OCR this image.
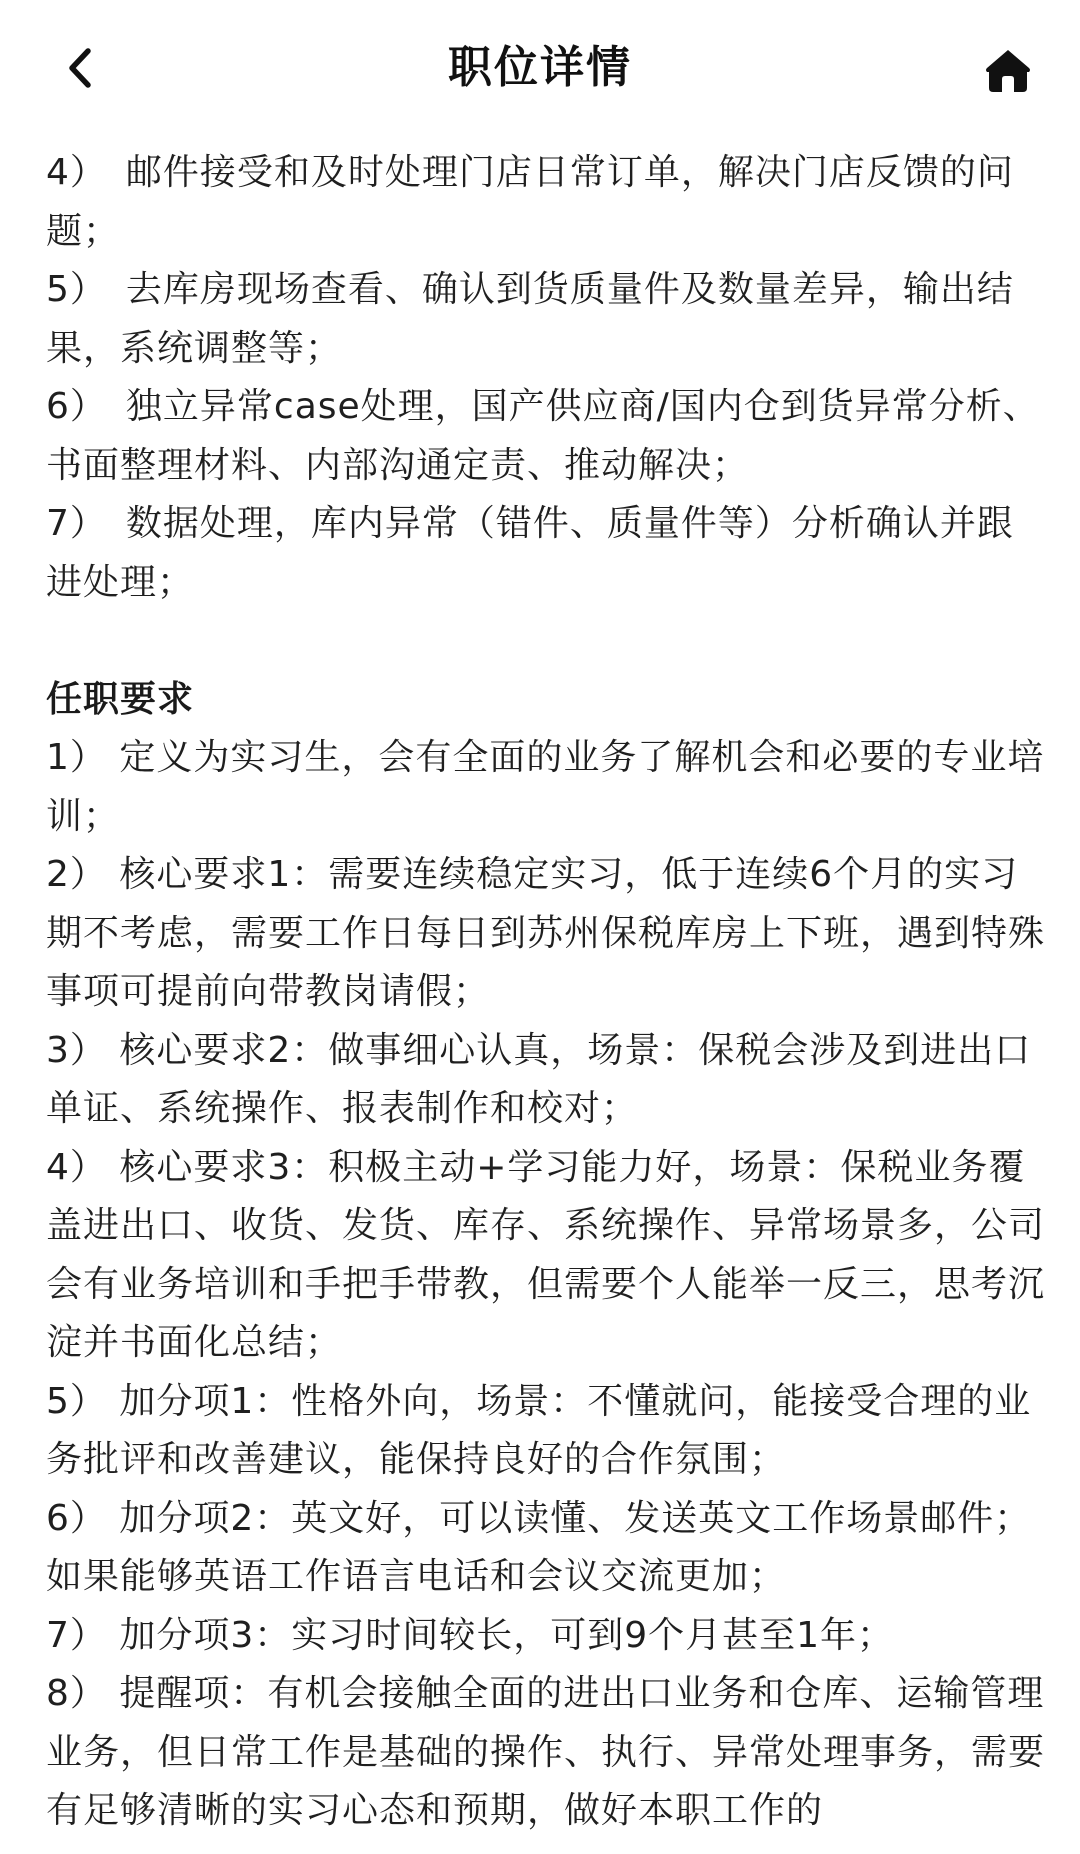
职位详情

4）　邮件接受和及时处理门店日常订单，解决门店反馈的问题；

5）　去库房现场查看、确认到货质量件及数量差异，输出结果，系统调整等；

6）　独立异常case处理，国产供应商/国内仓到货异常分析、书面整理材料、内部沟通定责、推动解决；

7）　数据处理，库内异常（错件、质量件等）分析确认并跟进处理；

任职要求

1） 定义为实习生，会有全面的业务了解机会和必要的专业培训；

2） 核心要求1：需要连续稳定实习，低于连续6个月的实习期不考虑，需要工作日每日到苏州保税库房上下班，遇到特殊事项可提前向带教岗请假；

3） 核心要求2：做事细心认真，场景：保税会涉及到进出口单证、系统操作、报表制作和校对；

4） 核心要求3：积极主动+学习能力好，场景：保税业务覆盖进出口、收货、发货、库存、系统操作、异常场景多，公司会有业务培训和手把手带教，但需要个人能举一反三，思考沉淀并书面化总结；

5） 加分项1：性格外向，场景：不懂就问，能接受合理的业务批评和改善建议，能保持良好的合作氛围；

6） 加分项2：英文好，可以读懂、发送英文工作场景邮件；如果能够英语工作语言电话和会议交流更加；

7） 加分项3：实习时间较长，可到9个月甚至1年；

8） 提醒项：有机会接触全面的进出口业务和仓库、运输管理业务，但日常工作是基础的操作、执行、异常处理事务，需要有足够清晰的实习心态和预期，做好本职工作的
